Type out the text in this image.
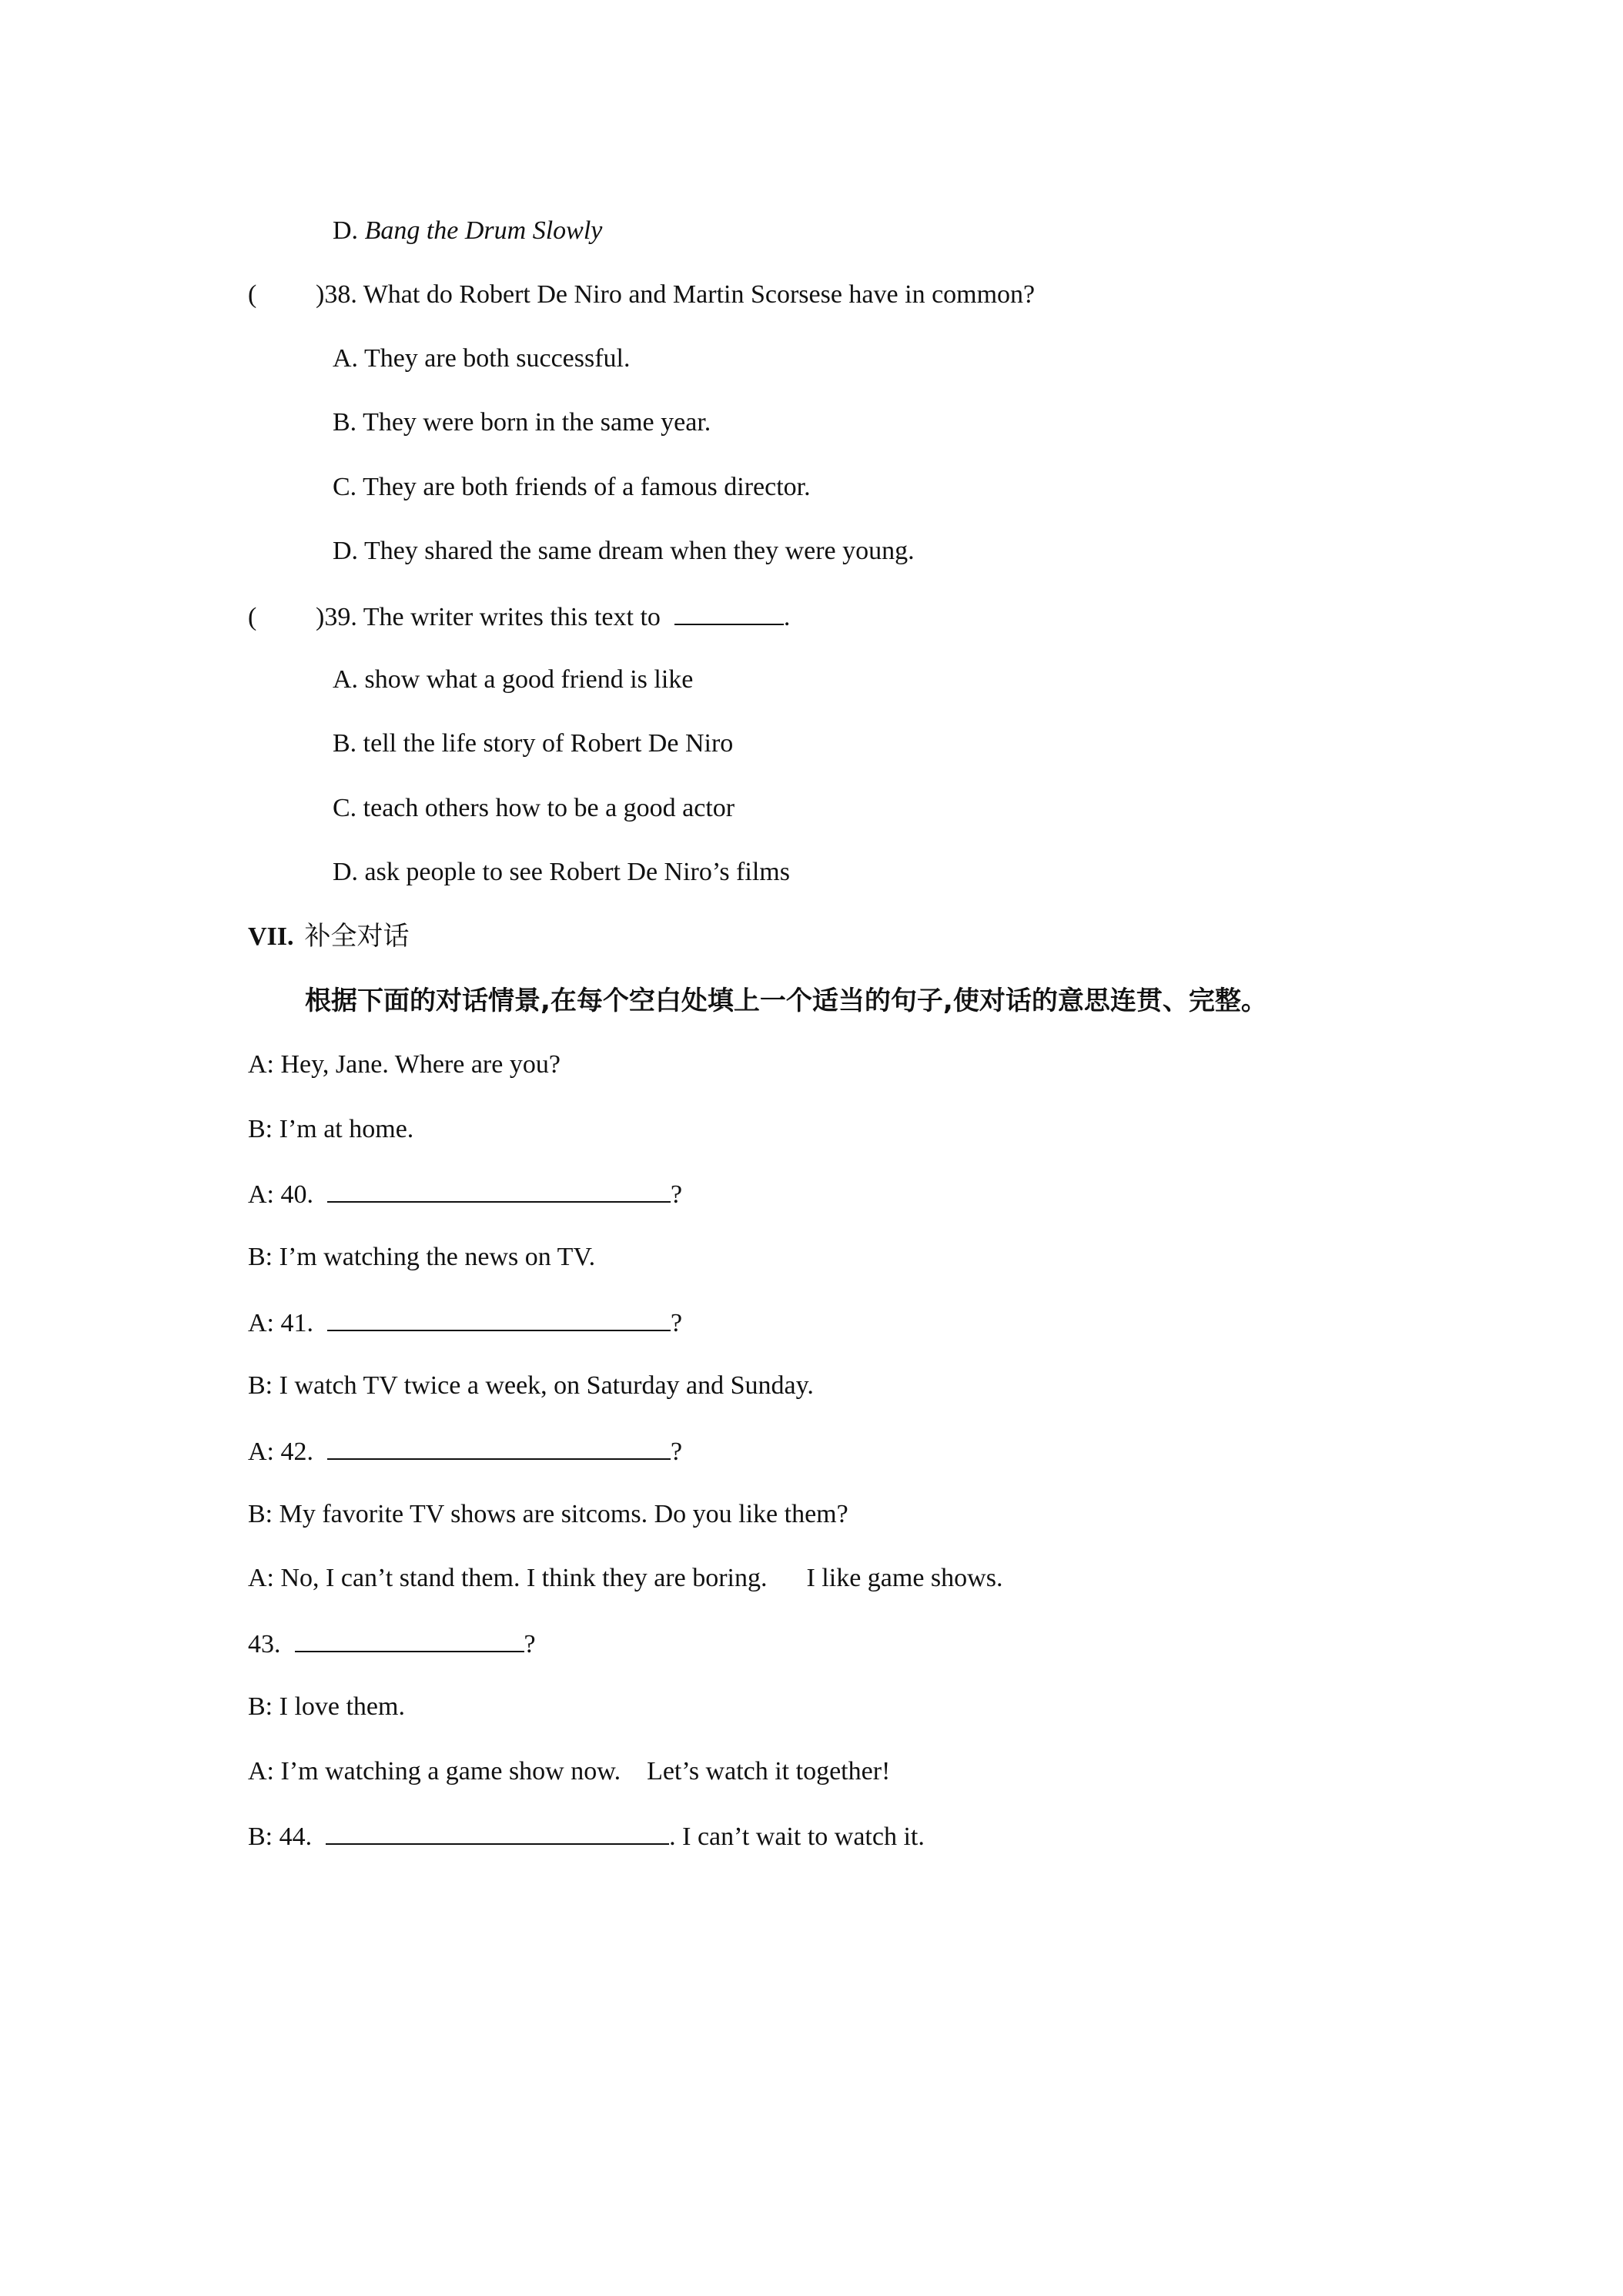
D. Bang the Drum Slowly
( )38. What do Robert De Niro and Martin Scorsese have in common?
A. They are both successful.
B. They were born in the same year.
C. They are both friends of a famous director.
D. They shared the same dream when they were young.
( )39. The writer writes this text to	.
A. show what a good friend is like
B. tell the life story of Robert De Niro
C. teach others how to be a good actor
D. ask people to see Robert De Niro’s films
VII. 补全对话
根据下面的对话情景,在每个空白处填上一个适当的句子,使对话的意思连贯、完整。
A: Hey, Jane. Where are you?
B: I’m at home.
A: 40.	?
B: I’m watching the news on TV.
A: 41.	?
B: I watch TV twice a week, on Saturday and Sunday.
A: 42.	?
B: My favorite TV shows are sitcoms. Do you like them?
A: No, I can’t stand them. I think they are boring.      I like game shows.
43.	?
B: I love them.
A: I’m watching a game show now.    Let’s watch it together!
B: 44.	. I can’t wait to watch it.
